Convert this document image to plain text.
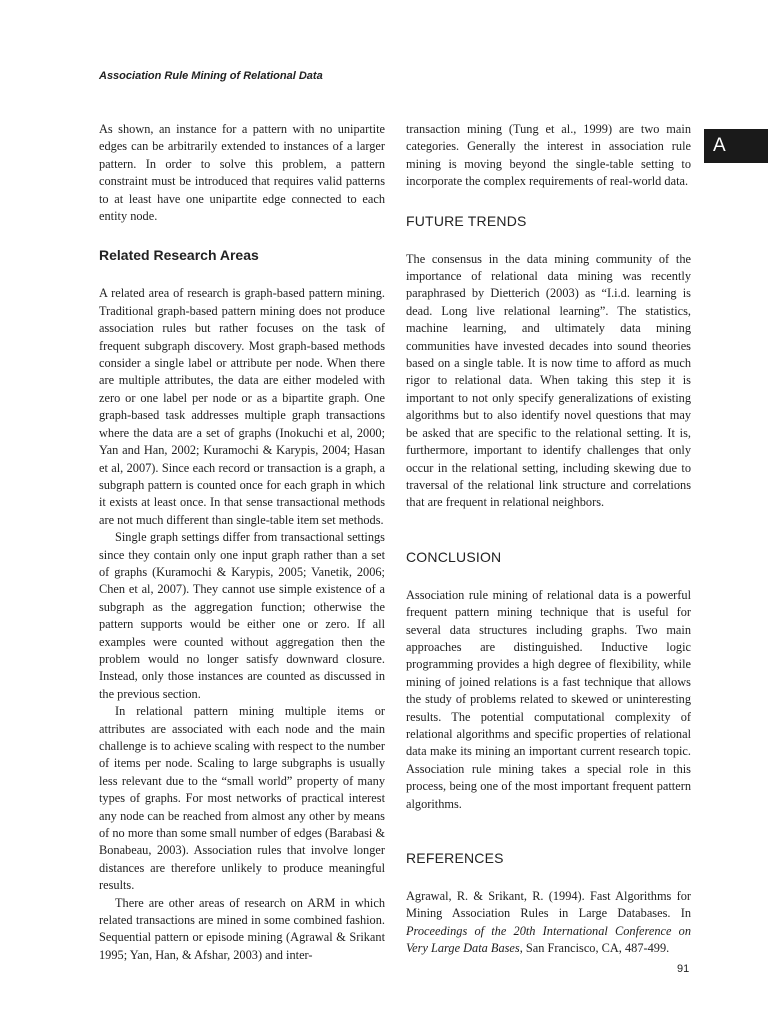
Association Rule Mining of Relational Data
A

As shown, an instance for a pattern with no unipartite edges can be arbitrarily extended to instances of a larger pattern. In order to solve this problem, a pattern constraint must be introduced that requires valid patterns to at least have one unipartite edge connected to each entity node.

Related Research Areas

A related area of research is graph-based pattern mining. Traditional graph-based pattern mining does not produce association rules but rather focuses on the task of frequent subgraph discovery. Most graph-based methods consider a single label or attribute per node. When there are multiple attributes, the data are either modeled with zero or one label per node or as a bipartite graph. One graph-based task addresses multiple graph transactions where the data are a set of graphs (Inokuchi et al, 2000; Yan and Han, 2002; Kuramochi & Karypis, 2004; Hasan et al, 2007). Since each record or transaction is a graph, a subgraph pattern is counted once for each graph in which it exists at least once. In that sense transactional methods are not much different than single-table item set methods.

Single graph settings differ from transactional settings since they contain only one input graph rather than a set of graphs (Kuramochi & Karypis, 2005; Vanetik, 2006; Chen et al, 2007). They cannot use simple existence of a subgraph as the aggregation function; otherwise the pattern supports would be either one or zero. If all examples were counted without aggregation then the problem would no longer satisfy downward closure. Instead, only those instances are counted as discussed in the previous section.

In relational pattern mining multiple items or attributes are associated with each node and the main challenge is to achieve scaling with respect to the number of items per node. Scaling to large subgraphs is usually less relevant due to the “small world” property of many types of graphs. For most networks of practical interest any node can be reached from almost any other by means of no more than some small number of edges (Barabasi & Bonabeau, 2003). Association rules that involve longer distances are therefore unlikely to produce meaningful results.

There are other areas of research on ARM in which related transactions are mined in some combined fashion. Sequential pattern or episode mining (Agrawal & Srikant 1995; Yan, Han, & Afshar, 2003) and inter-

transaction mining (Tung et al., 1999) are two main categories. Generally the interest in association rule mining is moving beyond the single-table setting to incorporate the complex requirements of real-world data.

FUTURE TRENDS

The consensus in the data mining community of the importance of relational data mining was recently paraphrased by Dietterich (2003) as “I.i.d. learning is dead. Long live relational learning”. The statistics, machine learning, and ultimately data mining communities have invested decades into sound theories based on a single table. It is now time to afford as much rigor to relational data. When taking this step it is important to not only specify generalizations of existing algorithms but to also identify novel questions that may be asked that are specific to the relational setting. It is, furthermore, important to identify challenges that only occur in the relational setting, including skewing due to traversal of the relational link structure and correlations that are frequent in relational neighbors.

CONCLUSION

Association rule mining of relational data is a powerful frequent pattern mining technique that is useful for several data structures including graphs. Two main approaches are distinguished. Inductive logic programming provides a high degree of flexibility, while mining of joined relations is a fast technique that allows the study of problems related to skewed or uninteresting results. The potential computational complexity of relational algorithms and specific properties of relational data make its mining an important current research topic. Association rule mining takes a special role in this process, being one of the most important frequent pattern algorithms.

REFERENCES

Agrawal, R. & Srikant, R. (1994). Fast Algorithms for Mining Association Rules in Large Databases. In Proceedings of the 20th International Conference on Very Large Data Bases, San Francisco, CA, 487-499.

91
